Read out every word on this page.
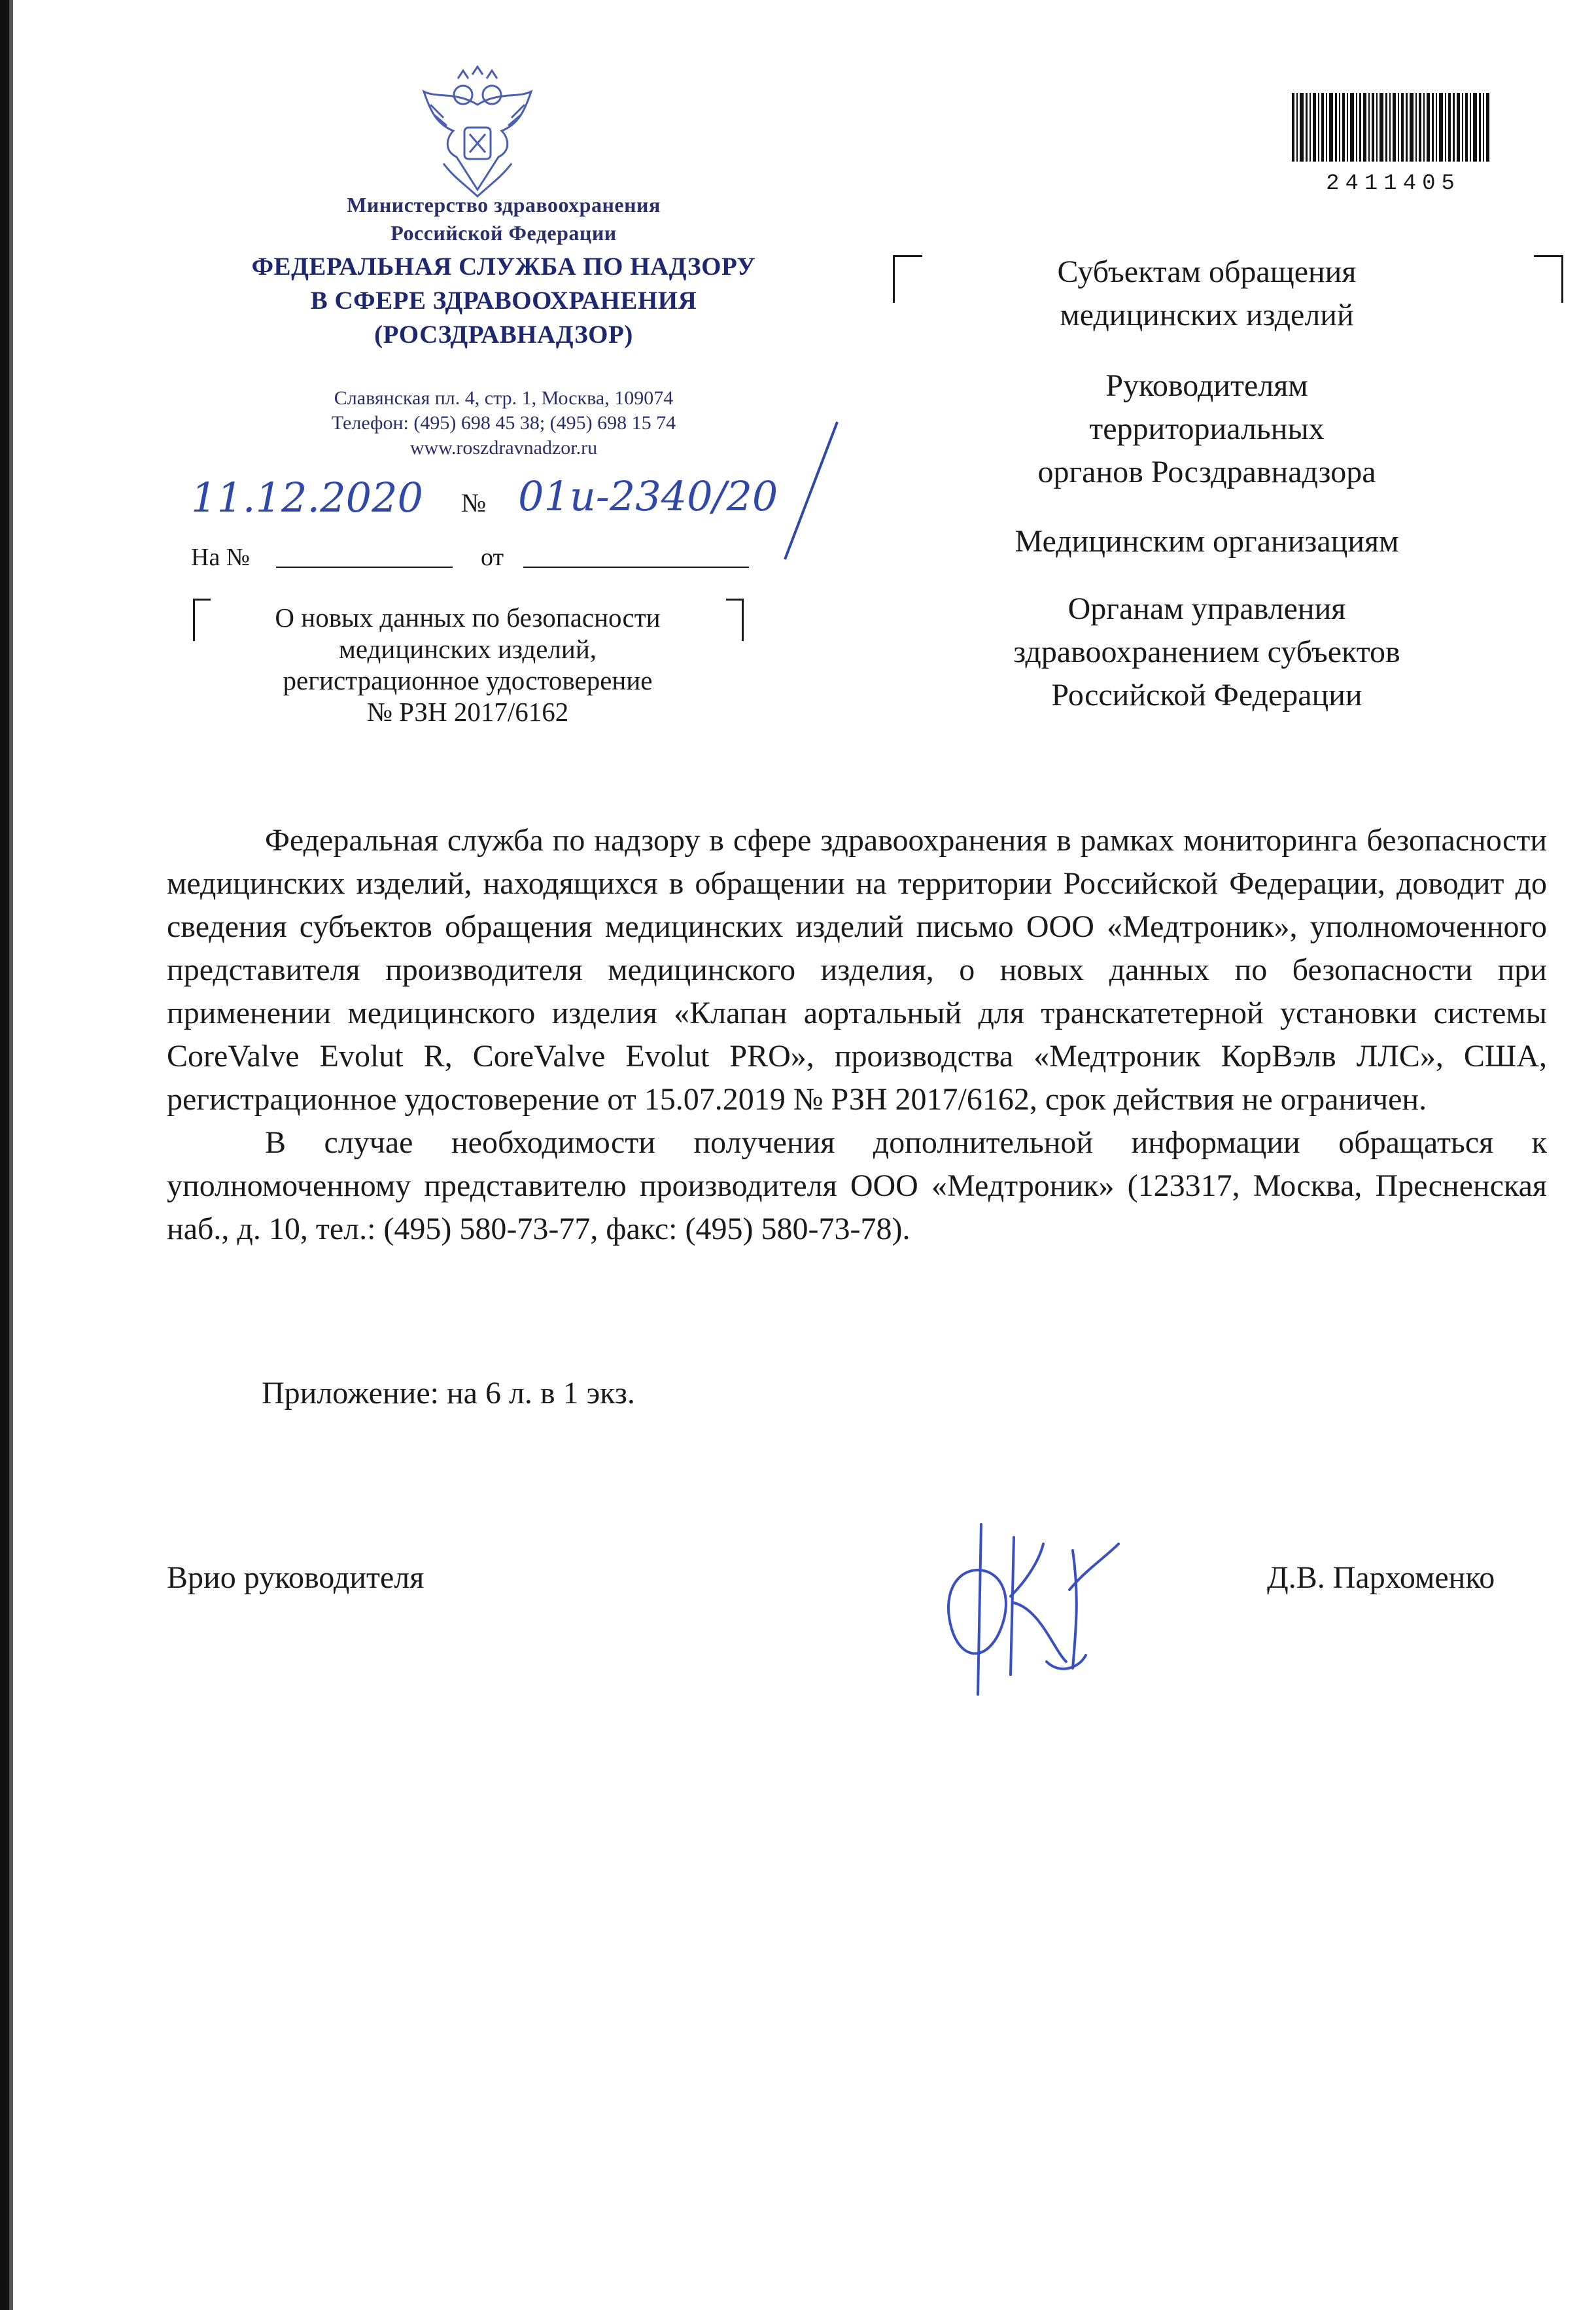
Министерство здравоохранения
Российской Федерации
ФЕДЕРАЛЬНАЯ СЛУЖБА ПО НАДЗОРУ
В СФЕРЕ ЗДРАВООХРАНЕНИЯ
(РОСЗДРАВНАДЗОР)
Славянская пл. 4, стр. 1, Москва, 109074
Телефон: (495) 698 45 38; (495) 698 15 74
www.roszdravnadzor.ru
11.12.2020 № 01и-2340/20
На №	от
О новых данных по безопасности
медицинских изделий,
регистрационное удостоверение
№ РЗН 2017/6162
2411405
Субъектам обращения
медицинских изделий
Руководителям
территориальных
органов Росздравнадзора
Медицинским организациям
Органам управления
здравоохранением субъектов
Российской Федерации

Федеральная служба по надзору в сфере здравоохранения в рамках мониторинга безопасности медицинских изделий, находящихся в обращении на территории Российской Федерации, доводит до сведения субъектов обращения медицинских изделий письмо ООО «Медтроник», уполномоченного представителя производителя медицинского изделия, о новых данных по безопасности при применении медицинского изделия «Клапан аортальный для транскатетерной установки системы CoreValve Evolut R, CoreValve Evolut PRO», производства «Медтроник КорВэлв ЛЛС», США, регистрационное удостоверение от 15.07.2019 № РЗН 2017/6162, срок действия не ограничен.

В случае необходимости получения дополнительной информации обращаться к уполномоченному представителю производителя ООО «Медтроник» (123317, Москва, Пресненская наб., д. 10, тел.: (495) 580-73-77, факс: (495) 580-73-78).

Приложение: на 6 л. в 1 экз.
Врио руководителя	Д.В. Пархоменко
